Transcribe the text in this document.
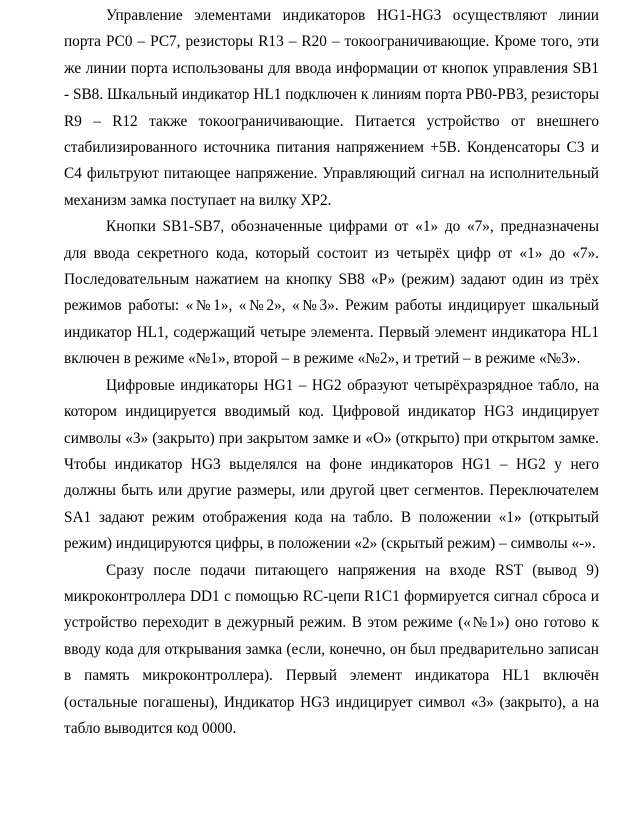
Управление элементами индикаторов HG1-HG3 осуществляют линии порта РС0 – РС7, резисторы R13 – R20 – токоограничивающие. Кроме того, эти же линии порта использованы для ввода информации от кнопок управления SB1 - SB8. Шкальный индикатор HL1 подключен к линиям порта PB0-PB3, резисторы R9 – R12 также токоограничивающие. Питается устройство от внешнего стабилизированного источника питания напряжением +5В. Конденсаторы С3 и С4 фильтруют питающее напряжение. Управляющий сигнал на исполнительный механизм замка поступает на вилку ХР2.

Кнопки SB1-SB7, обозначенные цифрами от «1» до «7», предназначены для ввода секретного кода, который состоит из четырёх цифр от «1» до «7». Последовательным нажатием на кнопку SB8 «Р» (режим) задают один из трёх режимов работы: «№1», «№2», «№3». Режим работы индицирует шкальный индикатор HL1, содержащий четыре элемента. Первый элемент индикатора HL1 включен в режиме «№1», второй – в режиме «№2», и третий – в режиме «№3».

Цифровые индикаторы HG1 – HG2 образуют четырёхразрядное табло, на котором индицируется вводимый код. Цифровой индикатор HG3 индицирует символы «3» (закрыто) при закрытом замке и «О» (открыто) при открытом замке. Чтобы индикатор HG3 выделялся на фоне индикаторов HG1 – HG2 у него должны быть или другие размеры, или другой цвет сегментов. Переключателем SA1 задают режим отображения кода на табло. В положении «1» (открытый режим) индицируются цифры, в положении «2» (скрытый режим) – символы «-».

Сразу после подачи питающего напряжения на входе RST (вывод 9) микроконтроллера DD1 с помощью RC-цепи R1C1 формируется сигнал сброса и устройство переходит в дежурный режим. В этом режиме («№1») оно готово к вводу кода для открывания замка (если, конечно, он был предварительно записан в память микроконтроллера). Первый элемент индикатора HL1 включён (остальные погашены), Индикатор HG3 индицирует символ «3» (закрыто), а на табло выводится код 0000.
